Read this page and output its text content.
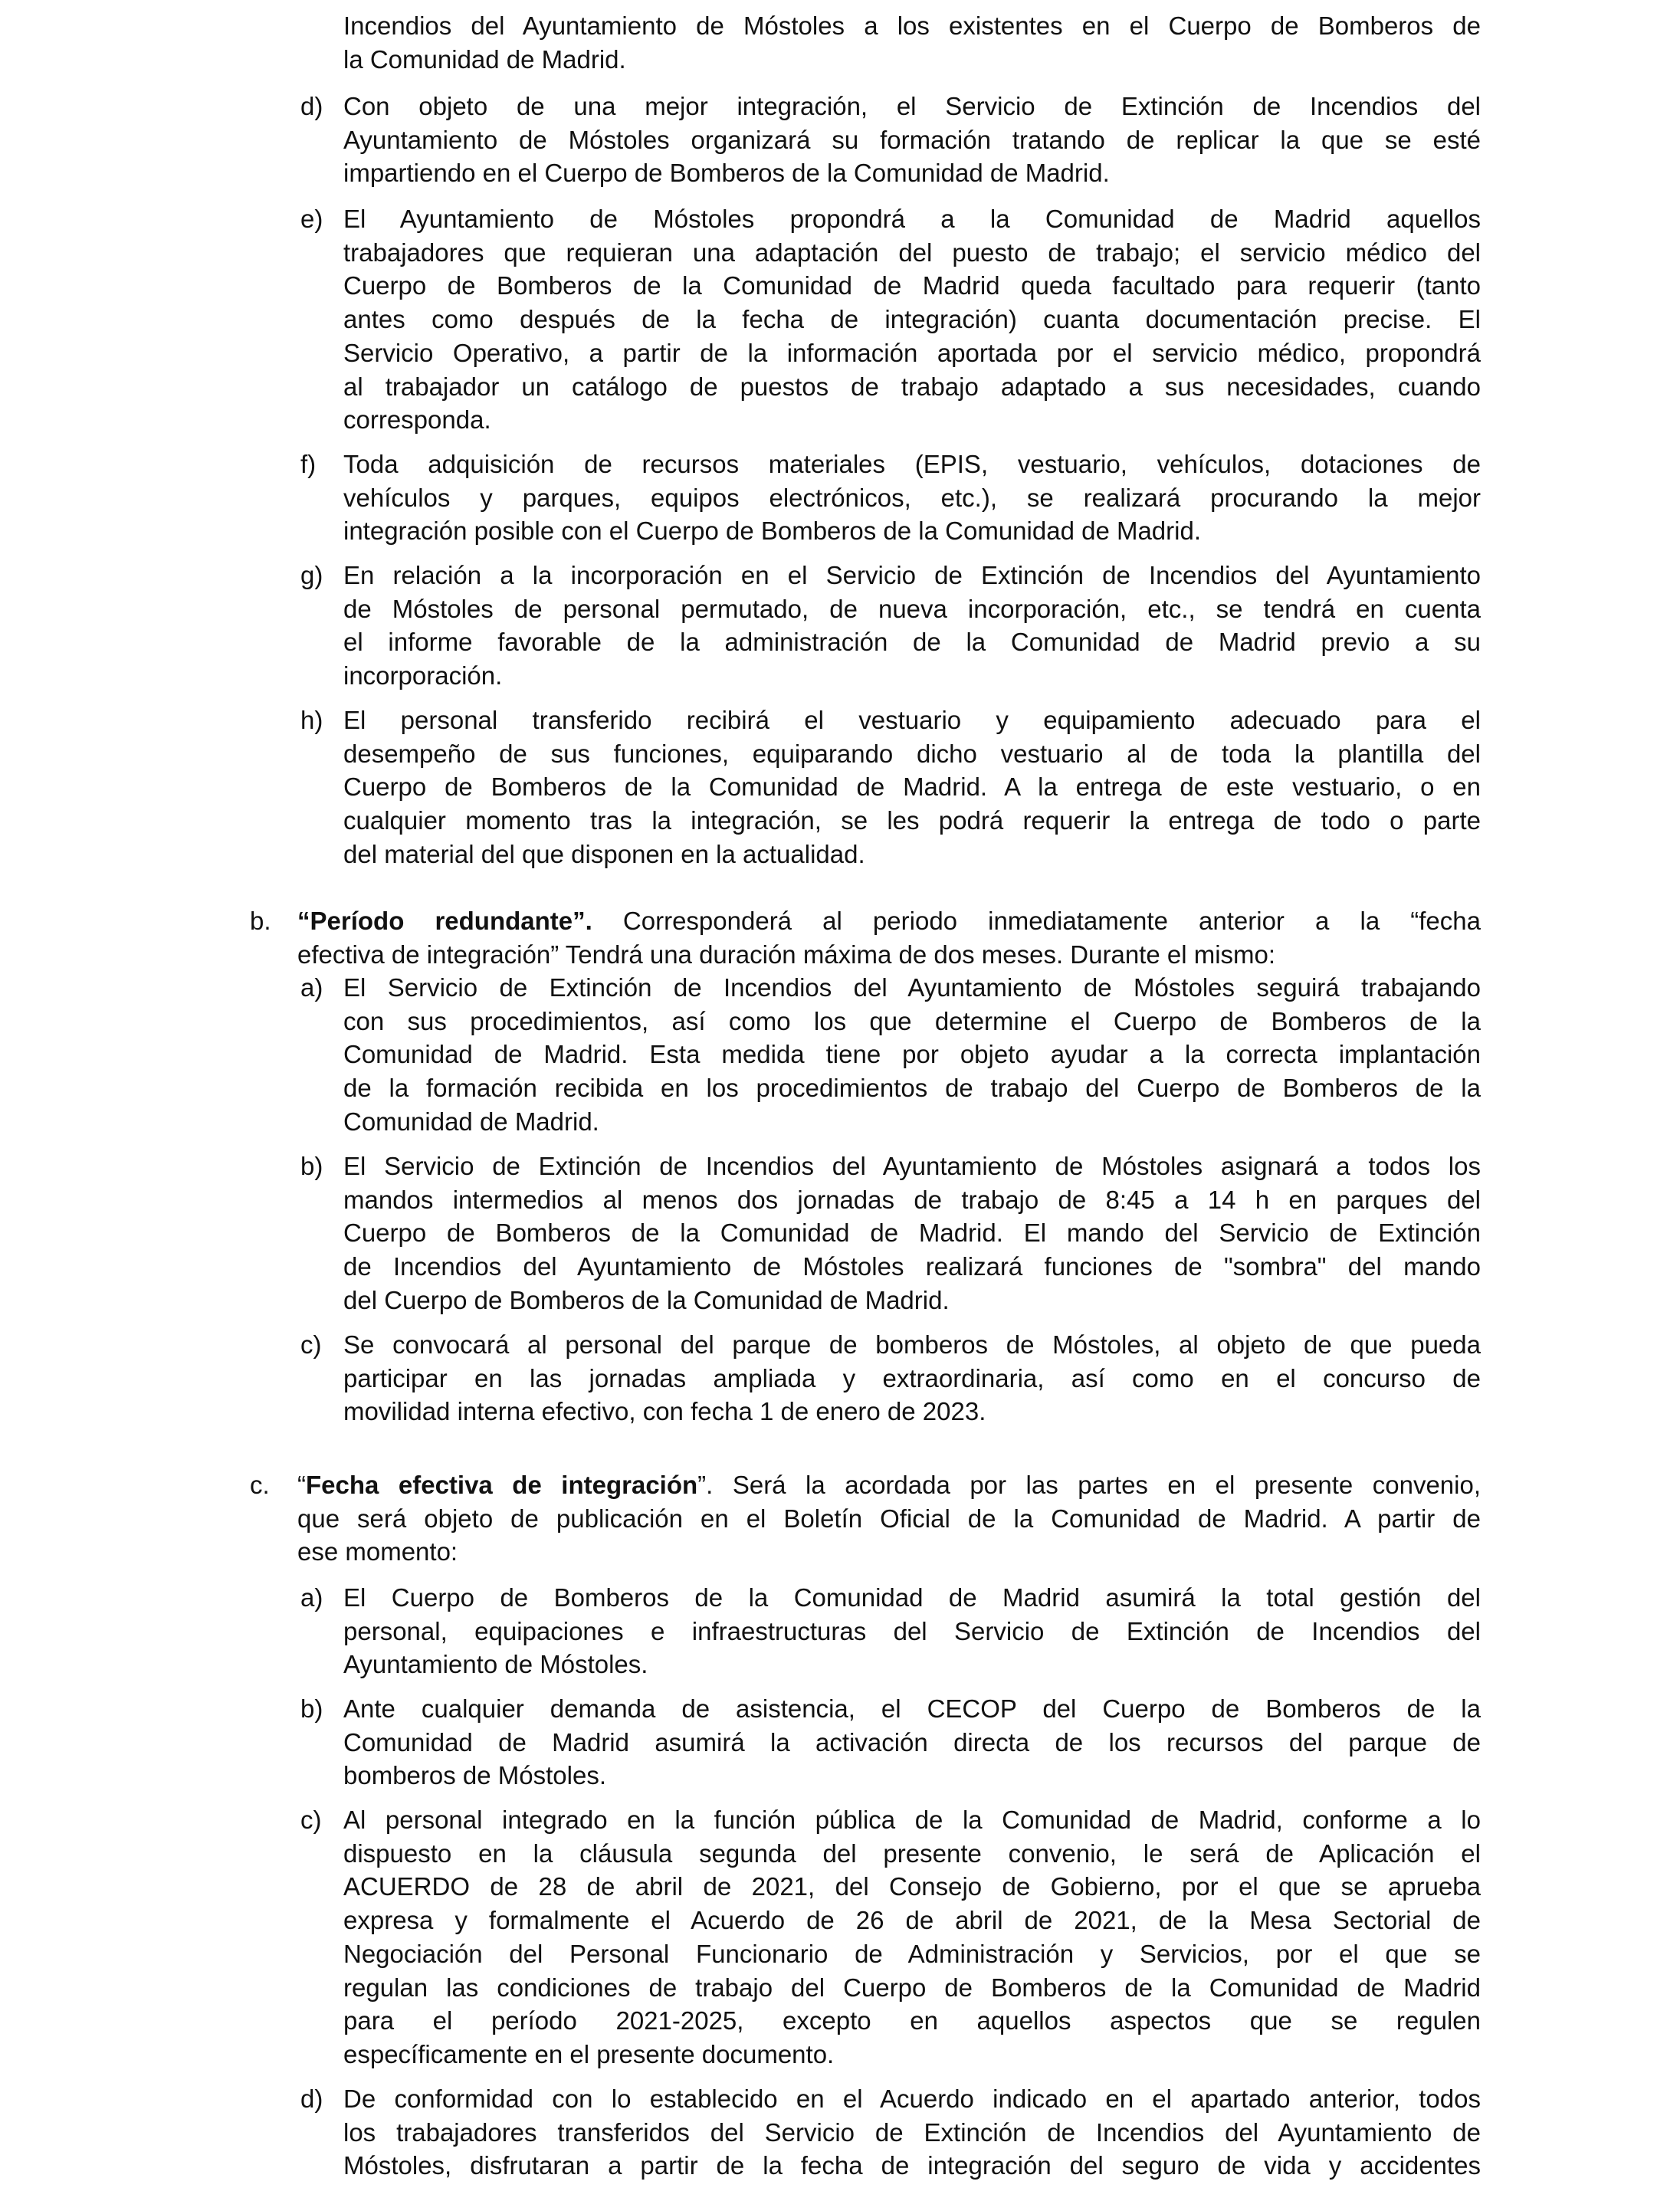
Incendios del Ayuntamiento de Móstoles a los existentes en el Cuerpo de Bomberos de
la Comunidad de Madrid.
d) Con objeto de una mejor integración, el Servicio de Extinción de Incendios del
Ayuntamiento de Móstoles organizará su formación tratando de replicar la que se esté
impartiendo en el Cuerpo de Bomberos de la Comunidad de Madrid.
e) El Ayuntamiento de Móstoles propondrá a la Comunidad de Madrid aquellos
trabajadores que requieran una adaptación del puesto de trabajo; el servicio médico del
Cuerpo de Bomberos de la Comunidad de Madrid queda facultado para requerir (tanto
antes como después de la fecha de integración) cuanta documentación precise. El
Servicio Operativo, a partir de la información aportada por el servicio médico, propondrá
al trabajador un catálogo de puestos de trabajo adaptado a sus necesidades, cuando
corresponda.
f) Toda adquisición de recursos materiales (EPIS, vestuario, vehículos, dotaciones de
vehículos y parques, equipos electrónicos, etc.), se realizará procurando la mejor
integración posible con el Cuerpo de Bomberos de la Comunidad de Madrid.
g) En relación a la incorporación en el Servicio de Extinción de Incendios del Ayuntamiento
de Móstoles de personal permutado, de nueva incorporación, etc., se tendrá en cuenta
el informe favorable de la administración de la Comunidad de Madrid previo a su
incorporación.
h) El personal transferido recibirá el vestuario y equipamiento adecuado para el
desempeño de sus funciones, equiparando dicho vestuario al de toda la plantilla del
Cuerpo de Bomberos de la Comunidad de Madrid. A la entrega de este vestuario, o en
cualquier momento tras la integración, se les podrá requerir la entrega de todo o parte
del material del que disponen en la actualidad.
b. “Período redundante”. Corresponderá al periodo inmediatamente anterior a la “fecha
efectiva de integración” Tendrá una duración máxima de dos meses. Durante el mismo:
a) El Servicio de Extinción de Incendios del Ayuntamiento de Móstoles seguirá trabajando
con sus procedimientos, así como los que determine el Cuerpo de Bomberos de la
Comunidad de Madrid. Esta medida tiene por objeto ayudar a la correcta implantación
de la formación recibida en los procedimientos de trabajo del Cuerpo de Bomberos de la
Comunidad de Madrid.
b) El Servicio de Extinción de Incendios del Ayuntamiento de Móstoles asignará a todos los
mandos intermedios al menos dos jornadas de trabajo de 8:45 a 14 h en parques del
Cuerpo de Bomberos de la Comunidad de Madrid. El mando del Servicio de Extinción
de Incendios del Ayuntamiento de Móstoles realizará funciones de "sombra" del mando
del Cuerpo de Bomberos de la Comunidad de Madrid.
c) Se convocará al personal del parque de bomberos de Móstoles, al objeto de que pueda
participar en las jornadas ampliada y extraordinaria, así como en el concurso de
movilidad interna efectivo, con fecha 1 de enero de 2023.
c. “Fecha efectiva de integración”. Será la acordada por las partes en el presente convenio,
que será objeto de publicación en el Boletín Oficial de la Comunidad de Madrid. A partir de
ese momento:
a) El Cuerpo de Bomberos de la Comunidad de Madrid asumirá la total gestión del
personal, equipaciones e infraestructuras del Servicio de Extinción de Incendios del
Ayuntamiento de Móstoles.
b) Ante cualquier demanda de asistencia, el CECOP del Cuerpo de Bomberos de la
Comunidad de Madrid asumirá la activación directa de los recursos del parque de
bomberos de Móstoles.
c) Al personal integrado en la función pública de la Comunidad de Madrid, conforme a lo
dispuesto en la cláusula segunda del presente convenio, le será de Aplicación el
ACUERDO de 28 de abril de 2021, del Consejo de Gobierno, por el que se aprueba
expresa y formalmente el Acuerdo de 26 de abril de 2021, de la Mesa Sectorial de
Negociación del Personal Funcionario de Administración y Servicios, por el que se
regulan las condiciones de trabajo del Cuerpo de Bomberos de la Comunidad de Madrid
para el período 2021-2025, excepto en aquellos aspectos que se regulen
específicamente en el presente documento.
d) De conformidad con lo establecido en el Acuerdo indicado en el apartado anterior, todos
los trabajadores transferidos del Servicio de Extinción de Incendios del Ayuntamiento de
Móstoles, disfrutaran a partir de la fecha de integración del seguro de vida y accidentes
